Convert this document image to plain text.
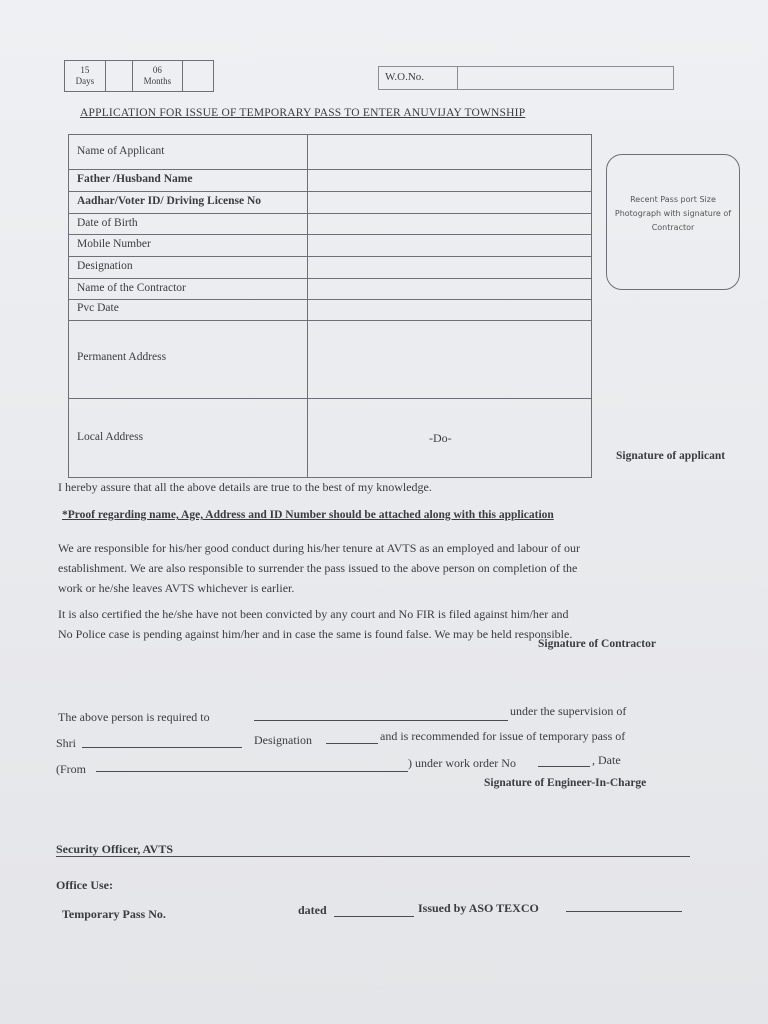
15
Days
06
Months	W.O.No.
APPLICATION FOR ISSUE OF TEMPORARY PASS TO ENTER ANUVIJAY TOWNSHIP
Name of Applicant
Father /Husband Name
Aadhar/Voter ID/ Driving License No
Date of Birth
Mobile Number
Designation
Name of the Contractor
Pvc Date
Permanent Address
Local Address	-Do-
Recent Pass port Size Photograph with signature of Contractor
Signature of applicant
I hereby assure that all the above details are true to the best of my knowledge.
*Proof regarding name, Age, Address and ID Number should be attached along with this application
We are responsible for his/her good conduct during his/her tenure at AVTS as an employed and labour of our
establishment. We are also responsible to surrender the pass issued to the above person on completion of the
work or he/she leaves AVTS whichever is earlier.
It is also certified the he/she have not been convicted by any court and No FIR is filed against him/her and
No Police case is pending against him/her and in case the same is found false. We may be held responsible.
Signature of Contractor
The above person is required to	under the supervision of
Shri	Designation	and is recommended for issue of temporary pass of
(From	) under work order No	, Date
Signature of Engineer-In-Charge
Security Officer, AVTS
Office Use:
Temporary Pass No.	dated	Issued by ASO TEXCO
